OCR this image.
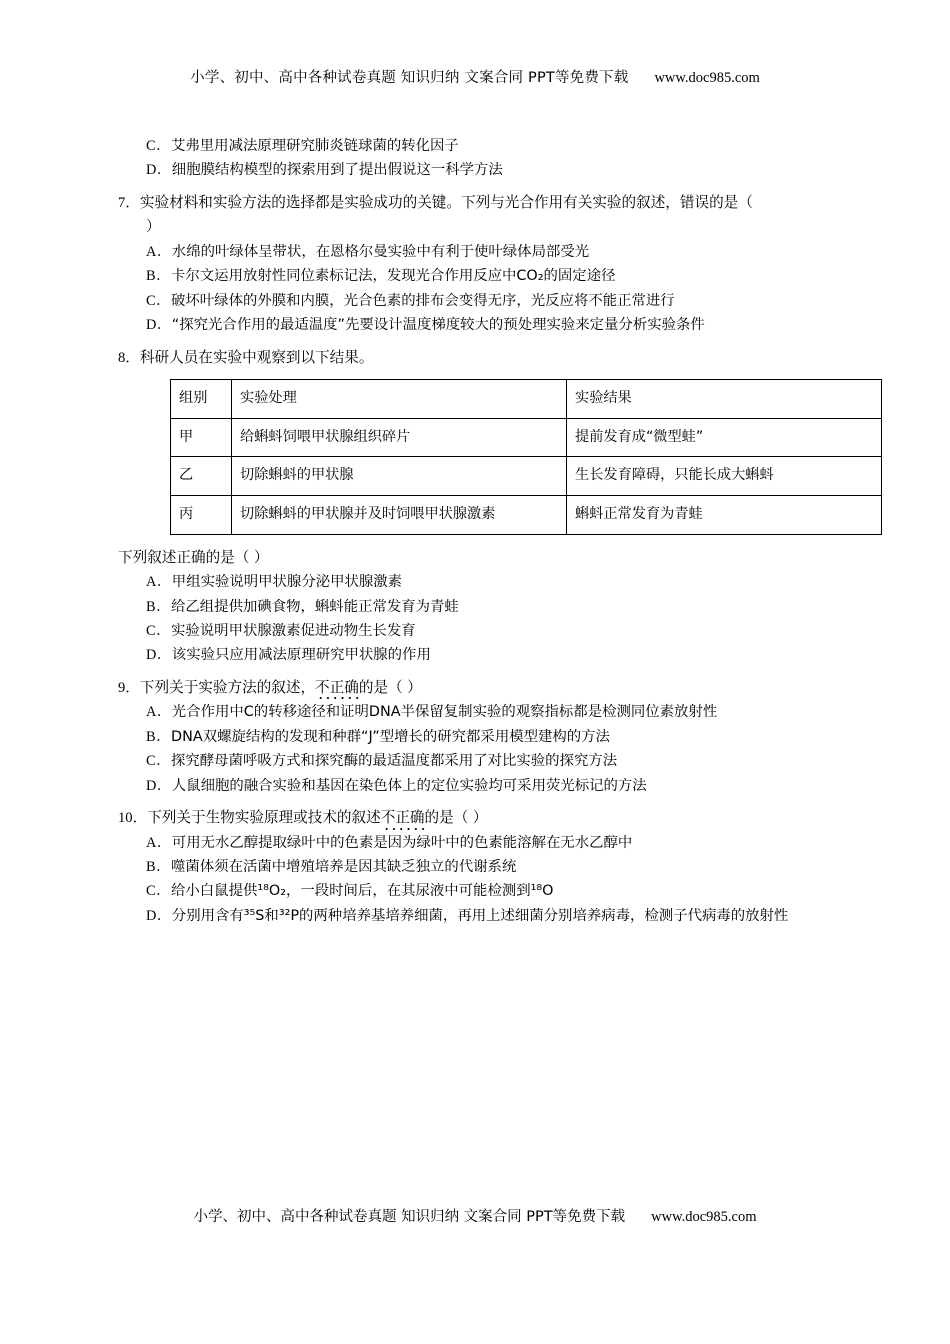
小学、初中、高中各种试卷真题 知识归纳 文案合同 PPT等免费下载 www.doc985.com

C．艾弗里用减法原理研究肺炎链球菌的转化因子

D．细胞膜结构模型的探索用到了提出假说这一科学方法

7．实验材料和实验方法的选择都是实验成功的关键。下列与光合作用有关实验的叙述，错误的是（

）

A．水绵的叶绿体呈带状，在恩格尔曼实验中有利于使叶绿体局部受光

B．卡尔文运用放射性同位素标记法，发现光合作用反应中CO₂的固定途径

C．破坏叶绿体的外膜和内膜，光合色素的排布会变得无序，光反应将不能正常进行

D．“探究光合作用的最适温度”先要设计温度梯度较大的预处理实验来定量分析实验条件

8．科研人员在实验中观察到以下结果。

组别	实验处理	实验结果
甲	给蝌蚪饲喂甲状腺组织碎片	提前发育成“微型蛙”
乙	切除蝌蚪的甲状腺	生长发育障碍，只能长成大蝌蚪
丙	切除蝌蚪的甲状腺并及时饲喂甲状腺激素	蝌蚪正常发育为青蛙

下列叙述正确的是（ ）

A．甲组实验说明甲状腺分泌甲状腺激素

B．给乙组提供加碘食物，蝌蚪能正常发育为青蛙

C．实验说明甲状腺激素促进动物生长发育

D．该实验只应用减法原理研究甲状腺的作用

9．下列关于实验方法的叙述，不正确的是（ ）

A．光合作用中C的转移途径和证明DNA半保留复制实验的观察指标都是检测同位素放射性

B．DNA双螺旋结构的发现和种群“J”型增长的研究都采用模型建构的方法

C．探究酵母菌呼吸方式和探究酶的最适温度都采用了对比实验的探究方法

D．人鼠细胞的融合实验和基因在染色体上的定位实验均可采用荧光标记的方法

10．下列关于生物实验原理或技术的叙述不正确的是（ ）

A．可用无水乙醇提取绿叶中的色素是因为绿叶中的色素能溶解在无水乙醇中

B．噬菌体须在活菌中增殖培养是因其缺乏独立的代谢系统

C．给小白鼠提供¹⁸O₂，一段时间后，在其尿液中可能检测到¹⁸O

D．分别用含有³⁵S和³²P的两种培养基培养细菌，再用上述细菌分别培养病毒，检测子代病毒的放射性

小学、初中、高中各种试卷真题 知识归纳 文案合同 PPT等免费下载 www.doc985.com
